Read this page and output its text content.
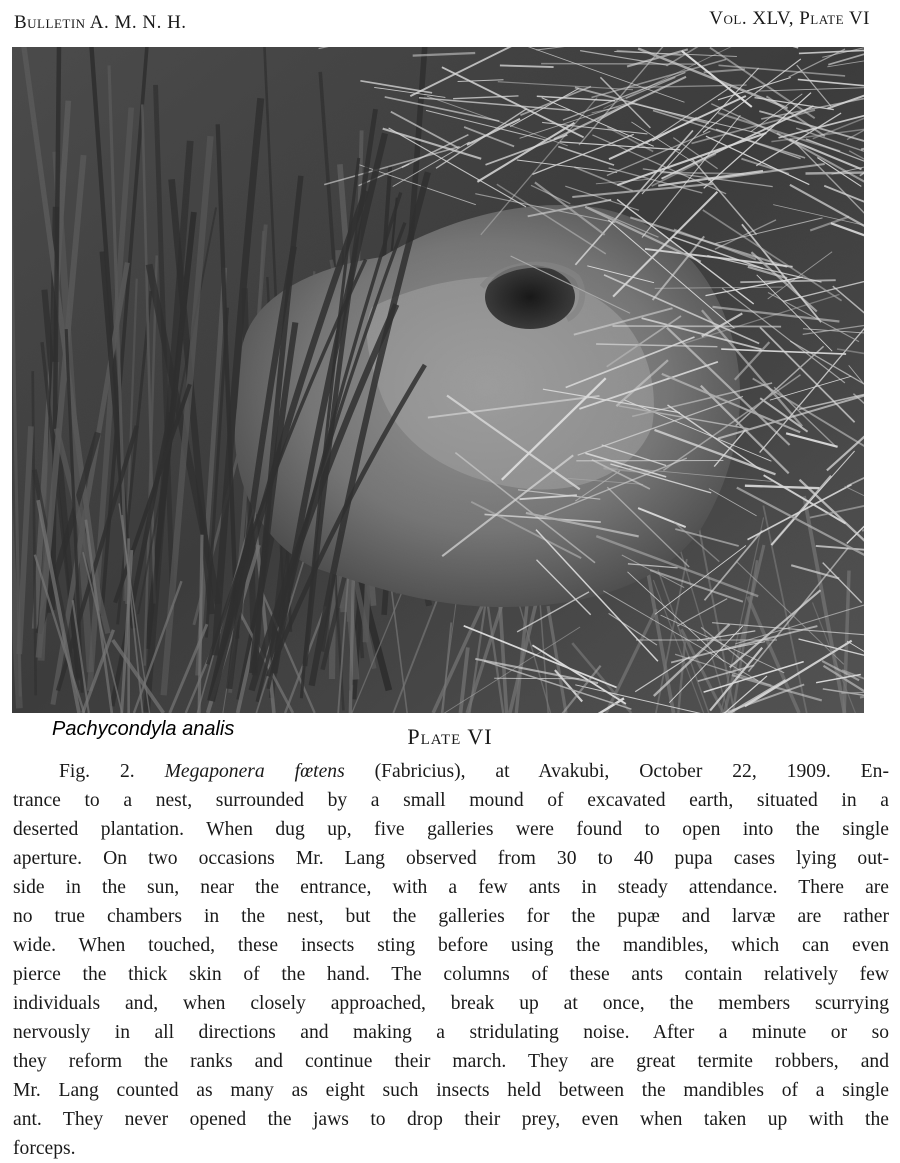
Bulletin A. M. N. H.	Vol. XLV, Plate VI
Pachycondyla analis	Plate VI
Fig. 2. Megaponera fœtens (Fabricius), at Avakubi, October 22, 1909. En-
trance to a nest, surrounded by a small mound of excavated earth, situated in a
deserted plantation. When dug up, five galleries were found to open into the single
aperture. On two occasions Mr. Lang observed from 30 to 40 pupa cases lying out-
side in the sun, near the entrance, with a few ants in steady attendance. There are
no true chambers in the nest, but the galleries for the pupæ and larvæ are rather
wide. When touched, these insects sting before using the mandibles, which can even
pierce the thick skin of the hand. The columns of these ants contain relatively few
individuals and, when closely approached, break up at once, the members scurrying
nervously in all directions and making a stridulating noise. After a minute or so
they reform the ranks and continue their march. They are great termite robbers, and
Mr. Lang counted as many as eight such insects held between the mandibles of a single
ant. They never opened the jaws to drop their prey, even when taken up with the
forceps.
